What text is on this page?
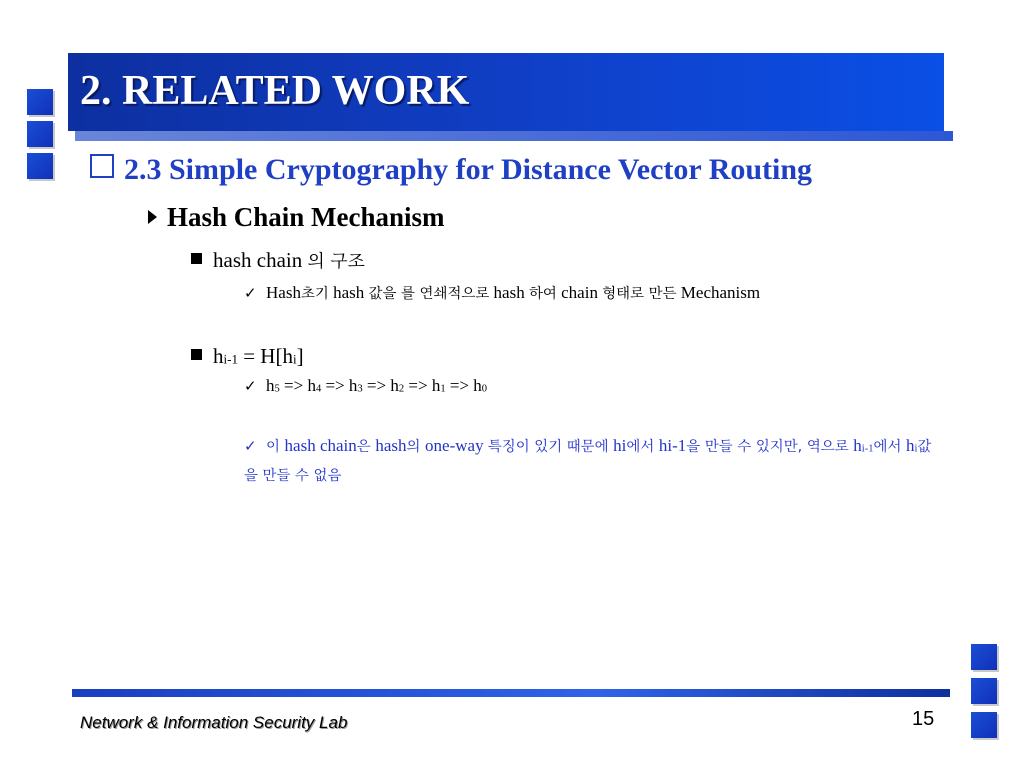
2. RELATED WORK
2.3 Simple Cryptography for Distance Vector Routing
Hash Chain Mechanism
hash chain 의 구조
✓ Hash초기 hash 값을 를 연쇄적으로 hash 하여 chain 형태로 만든 Mechanism
$h_{i-1} = H[h_i]$
✓ $h_5 => h_4 => h_3 => h_2 => h_1 => h_0$
✓ 이 hash chain은 hash의 one-way 특징이 있기 때문에 hi에서 hi-1을 만들 수 있지만, 역으로 $h_{i-1}$에서 $h_i$값을 만들 수 없음
Network & Information Security Lab	15
